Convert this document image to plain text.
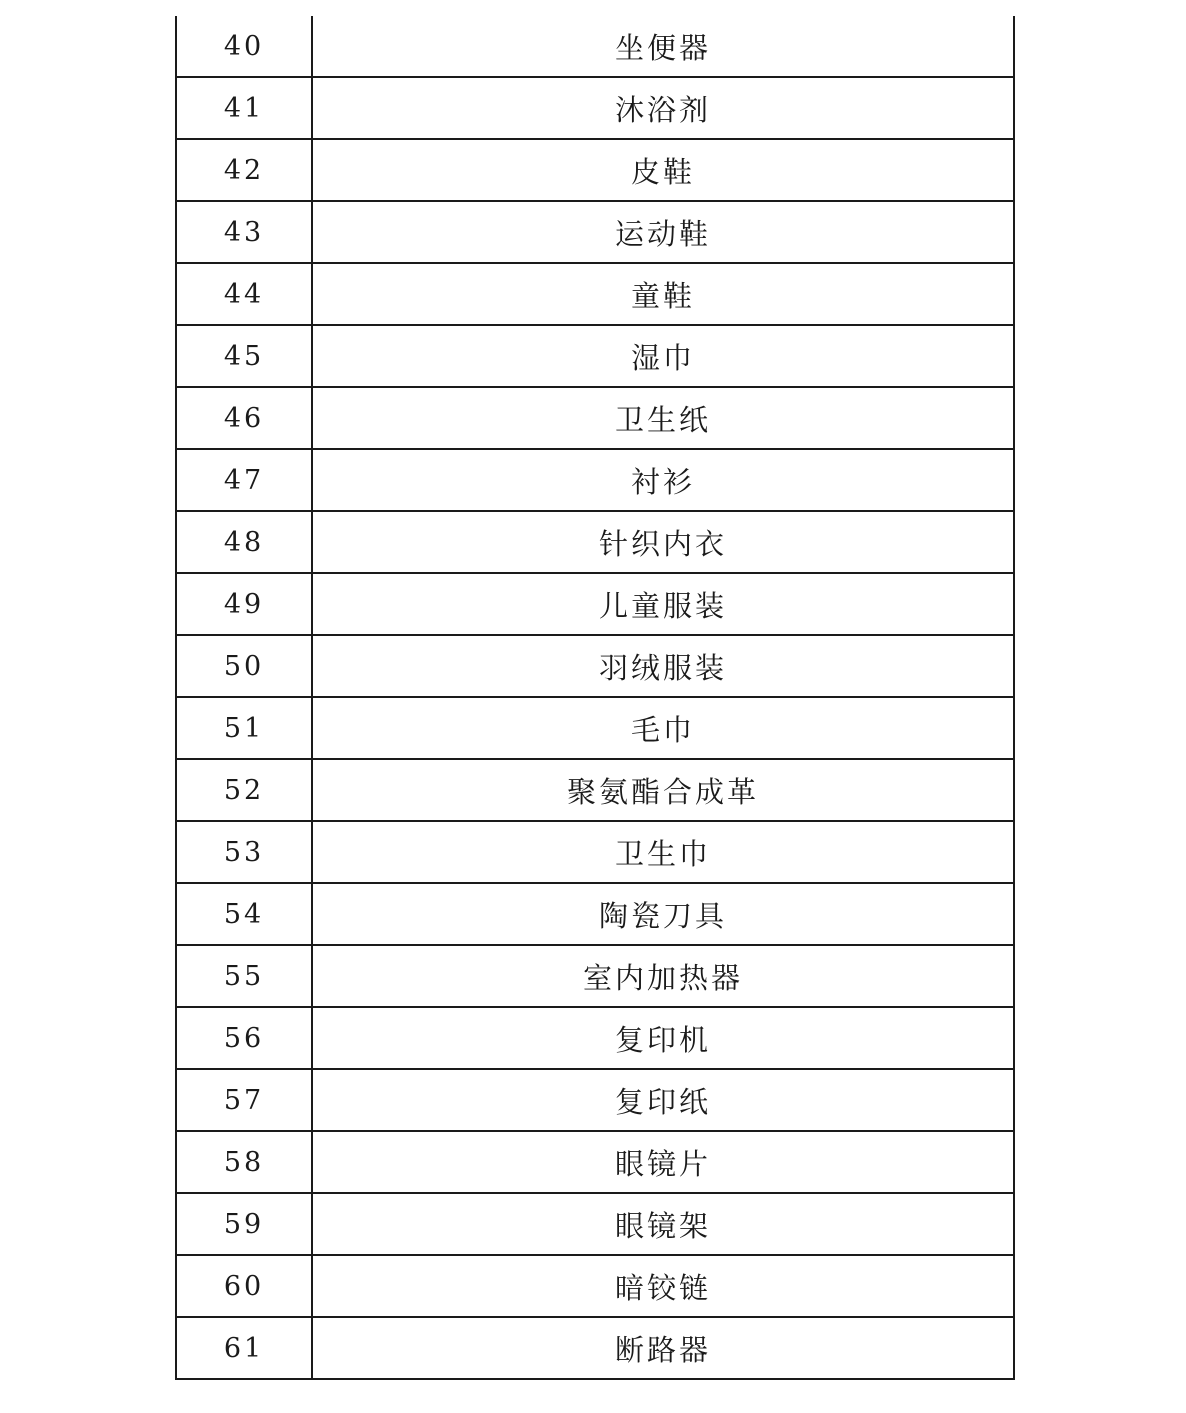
40	坐便器
41	沐浴剂
42	皮鞋
43	运动鞋
44	童鞋
45	湿巾
46	卫生纸
47	衬衫
48	针织内衣
49	儿童服装
50	羽绒服装
51	毛巾
52	聚氨酯合成革
53	卫生巾
54	陶瓷刀具
55	室内加热器
56	复印机
57	复印纸
58	眼镜片
59	眼镜架
60	暗铰链
61	断路器
